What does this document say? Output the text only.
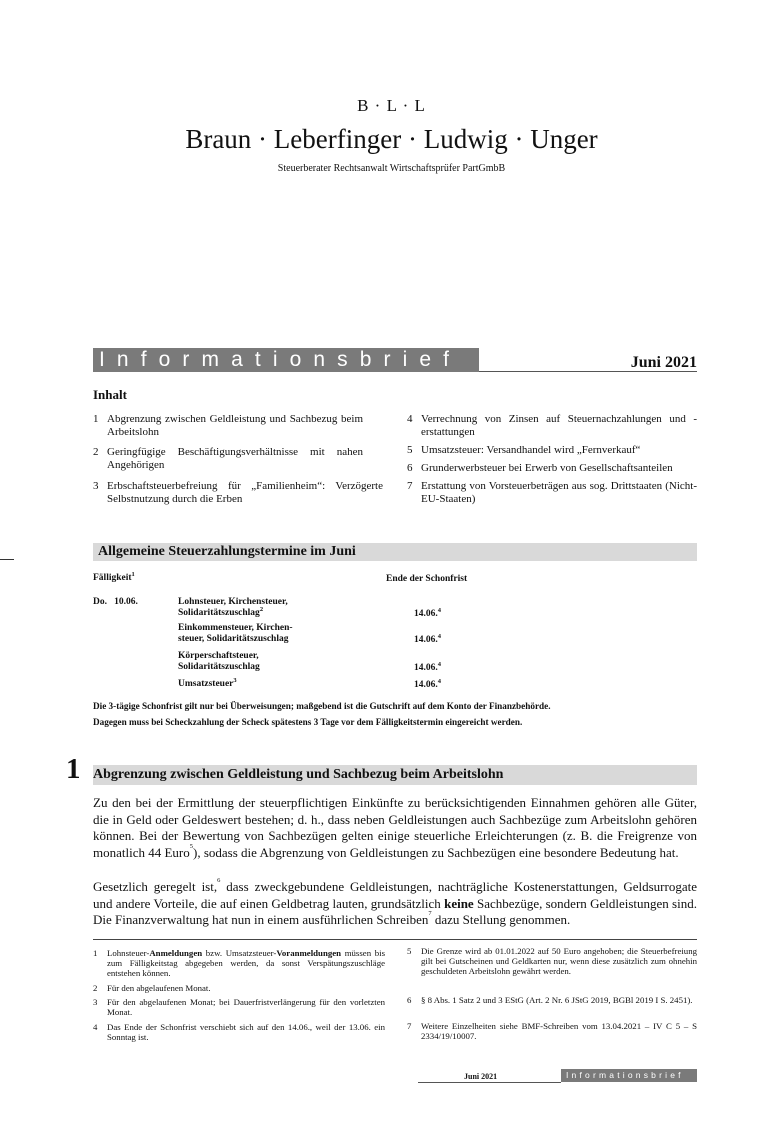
B · L · L
Braun · Leberfinger · Ludwig · Unger
Steuerberater Rechtsanwalt Wirtschaftsprüfer PartGmbB
Informationsbrief	Juni 2021
Inhalt
1 Abgrenzung zwischen Geldleistung und Sachbezug beim Arbeitslohn
2 Geringfügige Beschäftigungsverhältnisse mit nahen Angehörigen
3 Erbschaftsteuerbefreiung für „Familienheim“: Verzögerte Selbstnutzung durch die Erben
4 Verrechnung von Zinsen auf Steuernachzahlungen und -erstattungen
5 Umsatzsteuer: Versandhandel wird „Fernverkauf“
6 Grunderwerbsteuer bei Erwerb von Gesellschaftsanteilen
7 Erstattung von Vorsteuerbeträgen aus sog. Drittstaaten (Nicht-EU-Staaten)
Allgemeine Steuerzahlungstermine im Juni
Fälligkeit$^1$	Ende der Schonfrist
Do.   10.06.	Lohnsteuer, Kirchensteuer,
Solidaritätszuschlag$^2$	14.06.$^4$
Einkommensteuer, Kirchen-
steuer, Solidaritätszuschlag	14.06.$^4$
Körperschaftsteuer,
Solidaritätszuschlag	14.06.$^4$
Umsatzsteuer$^3$	14.06.$^4$
Die 3-tägige Schonfrist gilt nur bei Überweisungen; maßgebend ist die Gutschrift auf dem Konto der Finanzbehörde.
Dagegen muss bei Scheckzahlung der Scheck spätestens 3 Tage vor dem Fälligkeitstermin eingereicht werden.
1 Abgrenzung zwischen Geldleistung und Sachbezug beim Arbeitslohn
Zu den bei der Ermittlung der steuerpflichtigen Einkünfte zu berücksichtigenden Einnahmen gehören alle Güter, die in Geld oder Geldeswert bestehen; d. h., dass neben Geldleistungen auch Sachbezüge zum Arbeitslohn gehören können. Bei der Bewertung von Sachbezügen gelten einige steuerliche Erleichterungen (z. B. die Freigrenze von monatlich 44 Euro$^5$), sodass die Abgrenzung von Geldleistungen zu Sachbezügen eine besondere Bedeutung hat.
Gesetzlich geregelt ist,$^6$ dass zweckgebundene Geldleistungen, nachträgliche Kostenerstattungen, Geldsurrogate und andere Vorteile, die auf einen Geldbetrag lauten, grundsätzlich keine Sachbezüge, sondern Geldleistungen sind. Die Finanzverwaltung hat nun in einem ausführlichen Schreiben$^7$ dazu Stellung genommen.
1 Lohnsteuer-Anmeldungen bzw. Umsatzsteuer-Voranmeldungen müssen bis zum Fälligkeitstag abgegeben werden, da sonst Verspätungszuschläge entstehen können.
2 Für den abgelaufenen Monat.
3 Für den abgelaufenen Monat; bei Dauerfristverlängerung für den vorletzten Monat.
4 Das Ende der Schonfrist verschiebt sich auf den 14.06., weil der 13.06. ein Sonntag ist.
5 Die Grenze wird ab 01.01.2022 auf 50 Euro angehoben; die Steuerbefreiung gilt bei Gutscheinen und Geldkarten nur, wenn diese zusätzlich zum ohnehin geschuldeten Arbeitslohn gewährt werden.
6 § 8 Abs. 1 Satz 2 und 3 EStG (Art. 2 Nr. 6 JStG 2019, BGBl 2019 I S. 2451).
7 Weitere Einzelheiten siehe BMF-Schreiben vom 13.04.2021 – IV C 5 – S 2334/19/10007.
Juni 2021	Informationsbrief
